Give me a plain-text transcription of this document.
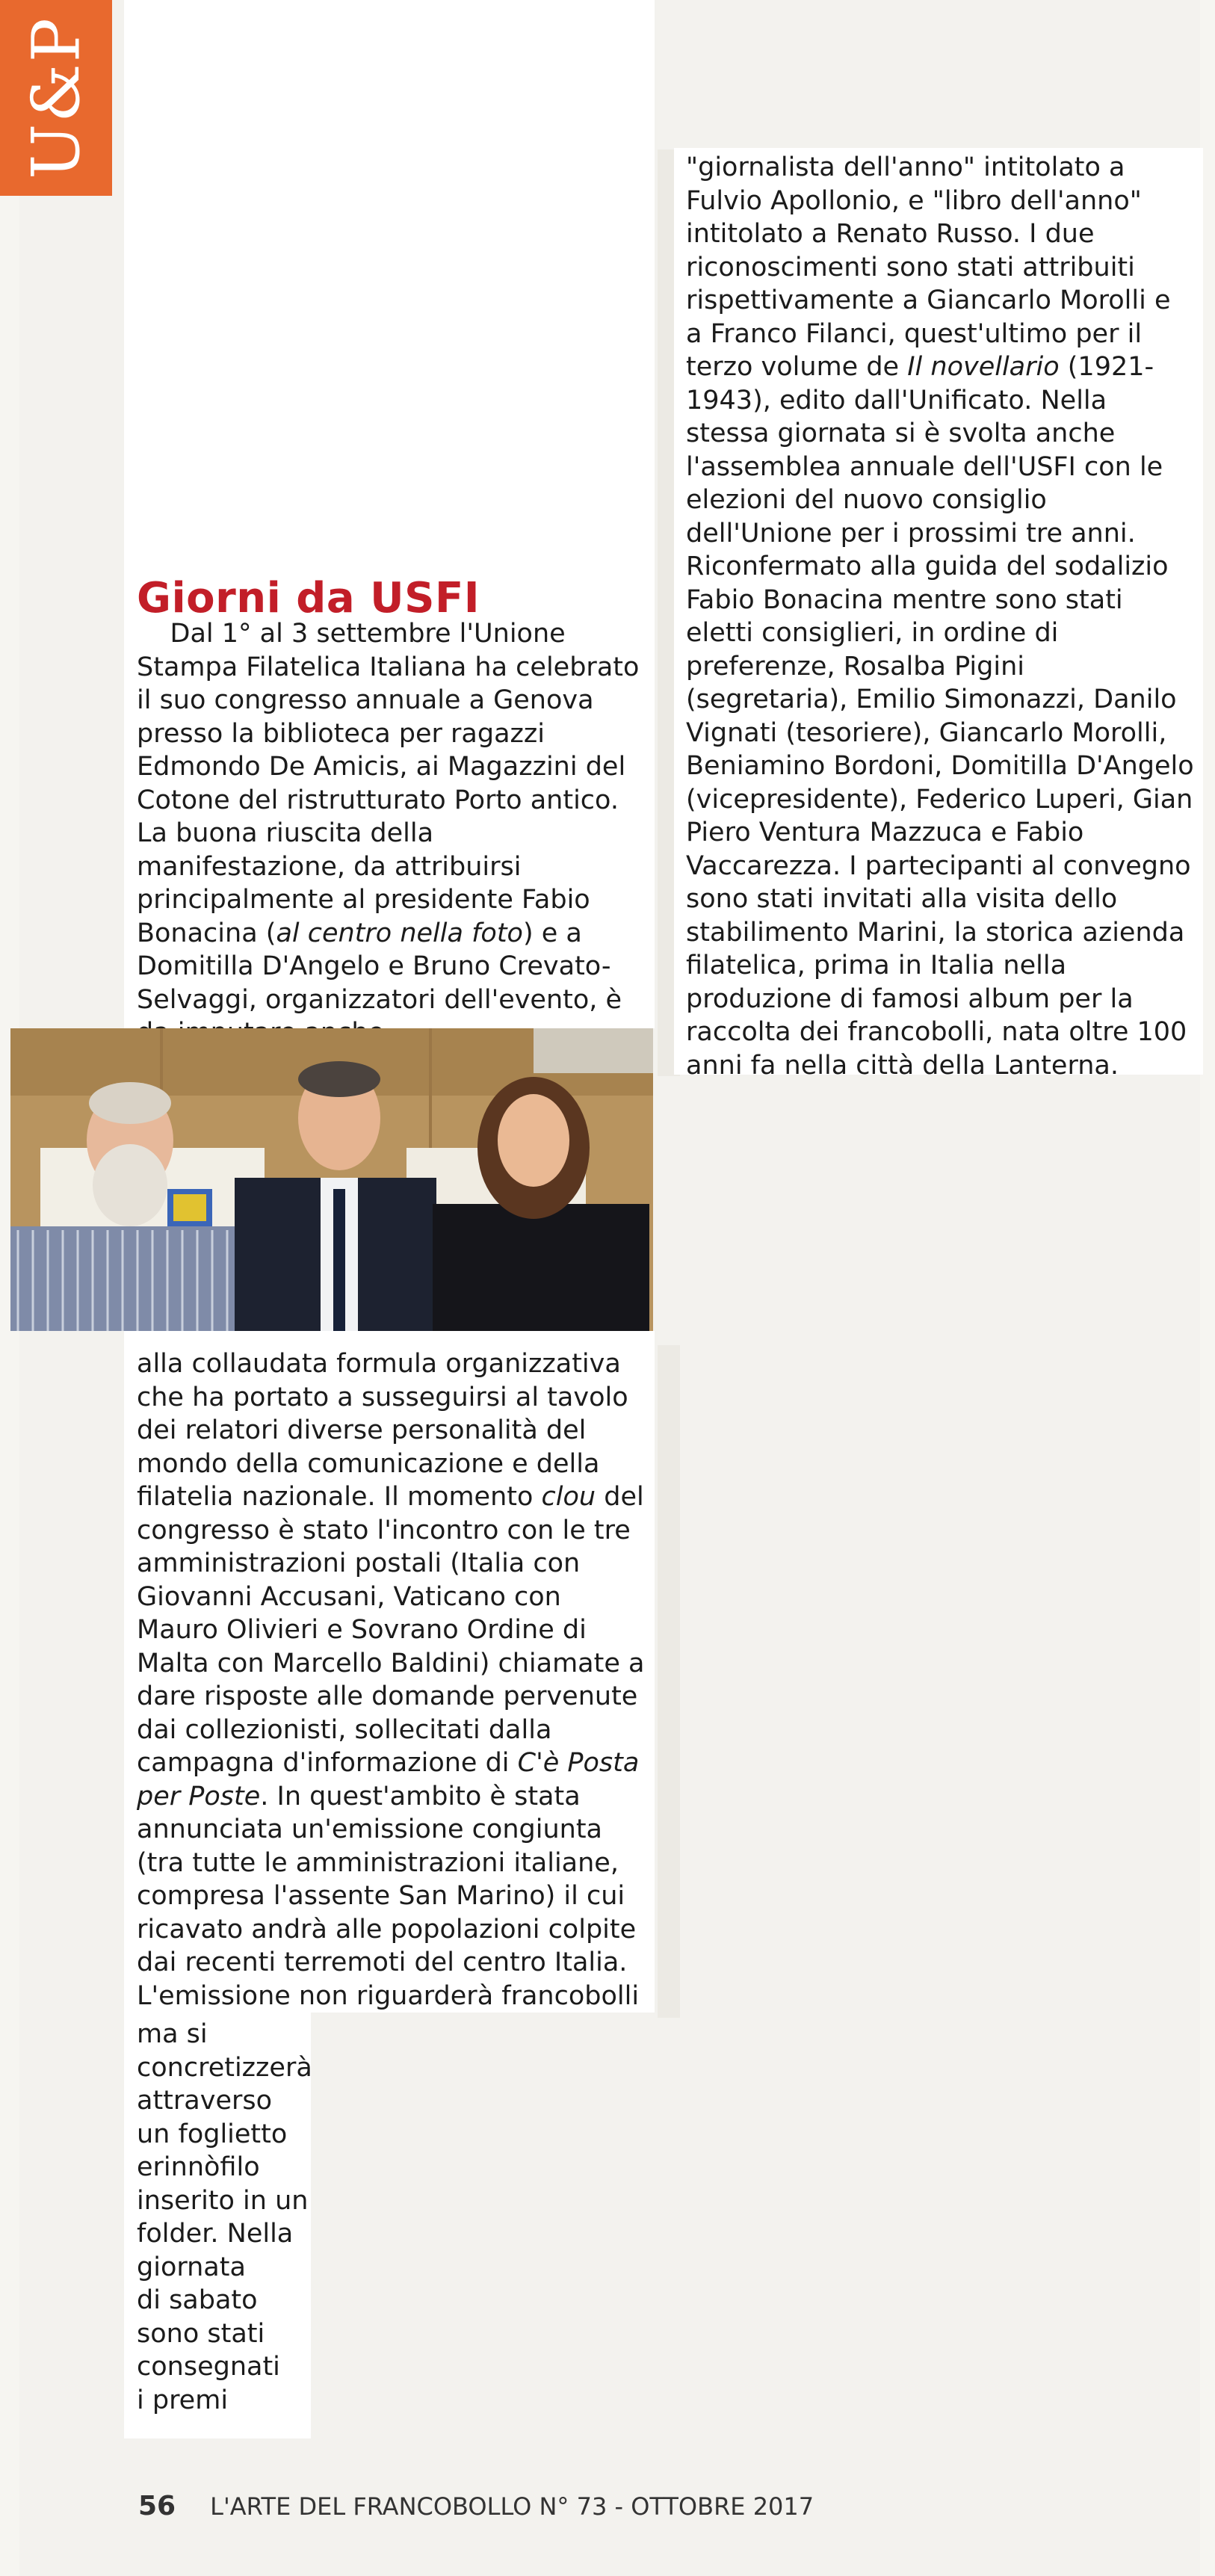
U&P
Giorni da USFI

Dal 1° al 3 settembre l'Unione Stampa Filatelica Italiana ha celebrato il suo congresso annuale a Genova presso la biblioteca per ragazzi Edmondo De Amicis, ai Magazzini del Cotone del ristrutturato Porto antico. La buona riuscita della manifestazione, da attribuirsi principalmente al presidente Fabio Bonacina (al centro nella foto) e a Domitilla D'Angelo e Bruno Crevato-Selvaggi, organizzatori dell'evento, è

alla collaudata formula organizzativa che ha portato a susseguirsi al tavolo dei relatori diverse personalità del mondo della comunicazione e della filatelia nazionale. Il momento clou del congresso è stato l'incontro con le tre amministrazioni postali (Italia con Giovanni Accusani, Vaticano con Mauro Olivieri e Sovrano Ordine di Malta con Marcello Baldini) chiamate a dare risposte alle domande pervenute dai collezionisti, sollecitati dalla campagna d'informazione di C'è Posta per Poste. In quest'ambito è stata annunciata un'emissione congiunta (tra tutte le amministrazioni italiane, compresa l'assente San Marino) il cui ricavato andrà alle popolazioni colpite dai recenti terremoti del centro Italia. L'emissione non riguarderà francobolli

ma si
concretizzerà
attraverso
un foglietto
erinnòfilo
inserito in un
folder. Nella
giornata
di sabato
sono stati
consegnati
i premi

"giornalista dell'anno" intitolato a Fulvio Apollonio, e "libro dell'anno" intitolato a Renato Russo. I due riconoscimenti sono stati attribuiti rispettivamente a Giancarlo Morolli e a Franco Filanci, quest'ultimo per il terzo volume de Il novellario (1921-1943), edito dall'Unificato. Nella stessa giornata si è svolta anche l'assemblea annuale dell'USFI con le elezioni del nuovo consiglio dell'Unione per i prossimi tre anni. Riconfermato alla guida del sodalizio Fabio Bonacina mentre sono stati eletti consiglieri, in ordine di preferenze, Rosalba Pigini (segretaria), Emilio Simonazzi, Danilo Vignati (tesoriere), Giancarlo Morolli, Beniamino Bordoni, Domitilla D'Angelo (vicepresidente), Federico Luperi, Gian Piero Ventura Mazzuca e Fabio Vaccarezza. I partecipanti al convegno sono stati invitati alla visita dello stabilimento Marini, la storica azienda filatelica, prima in Italia nella produzione di famosi album per la raccolta dei francobolli, nata oltre 100 anni fa nella città della Lanterna.

56 L'ARTE DEL FRANCOBOLLO N° 73 - OTTOBRE 2017
